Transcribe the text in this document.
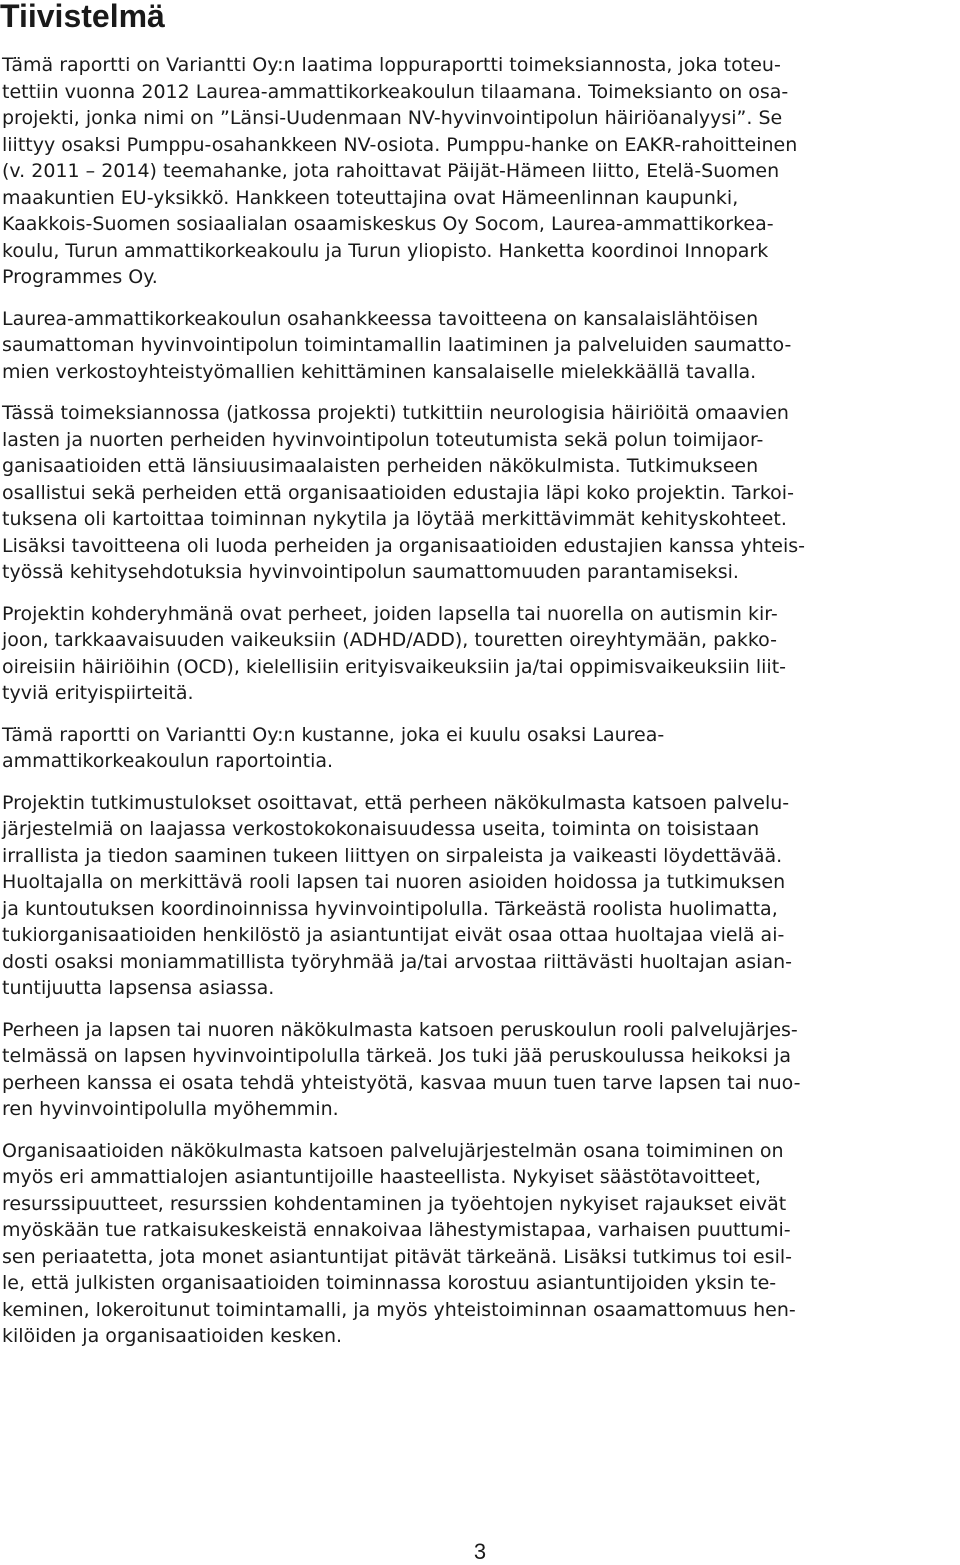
Tiivistelmä

Tämä raportti on Variantti Oy:n laatima loppuraportti toimeksiannosta, joka toteu-
tettiin vuonna 2012 Laurea-ammattikorkeakoulun tilaamana. Toimeksianto on osa-
projekti, jonka nimi on ”Länsi-Uudenmaan NV-hyvinvointipolun häiriöanalyysi”. Se
liittyy osaksi Pumppu-osahankkeen NV-osiota. Pumppu-hanke on EAKR-rahoitteinen
(v. 2011 – 2014) teemahanke, jota rahoittavat Päijät-Hämeen liitto, Etelä-Suomen
maakuntien EU-yksikkö. Hankkeen toteuttajina ovat Hämeenlinnan kaupunki,
Kaakkois-Suomen sosiaalialan osaamiskeskus Oy Socom, Laurea-ammattikorkea-
koulu, Turun ammattikorkeakoulu ja Turun yliopisto. Hanketta koordinoi Innopark
Programmes Oy.

Laurea-ammattikorkeakoulun osahankkeessa tavoitteena on kansalaislähtöisen
saumattoman hyvinvointipolun toimintamallin laatiminen ja palveluiden saumatto-
mien verkostoyhteistyömallien kehittäminen kansalaiselle mielekkäällä tavalla.

Tässä toimeksiannossa (jatkossa projekti) tutkittiin neurologisia häiriöitä omaavien
lasten ja nuorten perheiden hyvinvointipolun toteutumista sekä polun toimijaor-
ganisaatioiden että länsiuusimaalaisten perheiden näkökulmista. Tutkimukseen
osallistui sekä perheiden että organisaatioiden edustajia läpi koko projektin. Tarkoi-
tuksena oli kartoittaa toiminnan nykytila ja löytää merkittävimmät kehityskohteet.
Lisäksi tavoitteena oli luoda perheiden ja organisaatioiden edustajien kanssa yhteis-
työssä kehitysehdotuksia hyvinvointipolun saumattomuuden parantamiseksi.

Projektin kohderyhmänä ovat perheet, joiden lapsella tai nuorella on autismin kir-
joon, tarkkaavaisuuden vaikeuksiin (ADHD/ADD), touretten oireyhtymään, pakko-
oireisiin häiriöihin (OCD), kielellisiin erityisvaikeuksiin ja/tai oppimisvaikeuksiin liit-
tyviä erityispiirteitä.

Tämä raportti on Variantti Oy:n kustanne, joka ei kuulu osaksi Laurea-
ammattikorkeakoulun raportointia.

Projektin tutkimustulokset osoittavat, että perheen näkökulmasta katsoen palvelu-
järjestelmiä on laajassa verkostokokonaisuudessa useita, toiminta on toisistaan
irrallista ja tiedon saaminen tukeen liittyen on sirpaleista ja vaikeasti löydettävää.
Huoltajalla on merkittävä rooli lapsen tai nuoren asioiden hoidossa ja tutkimuksen
ja kuntoutuksen koordinoinnissa hyvinvointipolulla. Tärkeästä roolista huolimatta,
tukiorganisaatioiden henkilöstö ja asiantuntijat eivät osaa ottaa huoltajaa vielä ai-
dosti osaksi moniammatillista työryhmää ja/tai arvostaa riittävästi huoltajan asian-
tuntijuutta lapsensa asiassa.

Perheen ja lapsen tai nuoren näkökulmasta katsoen peruskoulun rooli palvelujärjes-
telmässä on lapsen hyvinvointipolulla tärkeä. Jos tuki jää peruskoulussa heikoksi ja
perheen kanssa ei osata tehdä yhteistyötä, kasvaa muun tuen tarve lapsen tai nuo-
ren hyvinvointipolulla myöhemmin.

Organisaatioiden näkökulmasta katsoen palvelujärjestelmän osana toimiminen on
myös eri ammattialojen asiantuntijoille haasteellista. Nykyiset säästötavoitteet,
resurssipuutteet, resurssien kohdentaminen ja työehtojen nykyiset rajaukset eivät
myöskään tue ratkaisukeskeistä ennakoivaa lähestymistapaa, varhaisen puuttumi-
sen periaatetta, jota monet asiantuntijat pitävät tärkeänä. Lisäksi tutkimus toi esil-
le, että julkisten organisaatioiden toiminnassa korostuu asiantuntijoiden yksin te-
keminen, lokeroitunut toimintamalli, ja myös yhteistoiminnan osaamattomuus hen-
kilöiden ja organisaatioiden kesken.

3
